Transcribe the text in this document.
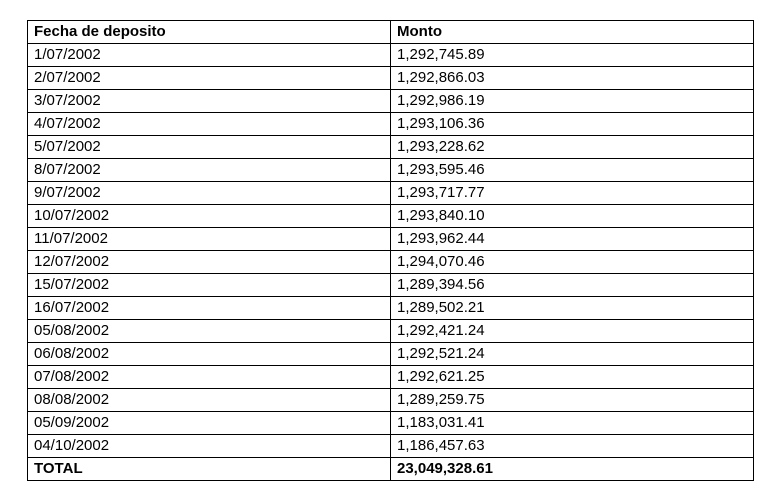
Fecha de deposito	Monto
1/07/2002	1,292,745.89
2/07/2002	1,292,866.03
3/07/2002	1,292,986.19
4/07/2002	1,293,106.36
5/07/2002	1,293,228.62
8/07/2002	1,293,595.46
9/07/2002	1,293,717.77
10/07/2002	1,293,840.10
11/07/2002	1,293,962.44
12/07/2002	1,294,070.46
15/07/2002	1,289,394.56
16/07/2002	1,289,502.21
05/08/2002	1,292,421.24
06/08/2002	1,292,521.24
07/08/2002	1,292,621.25
08/08/2002	1,289,259.75
05/09/2002	1,183,031.41
04/10/2002	1,186,457.63
TOTAL	23,049,328.61
